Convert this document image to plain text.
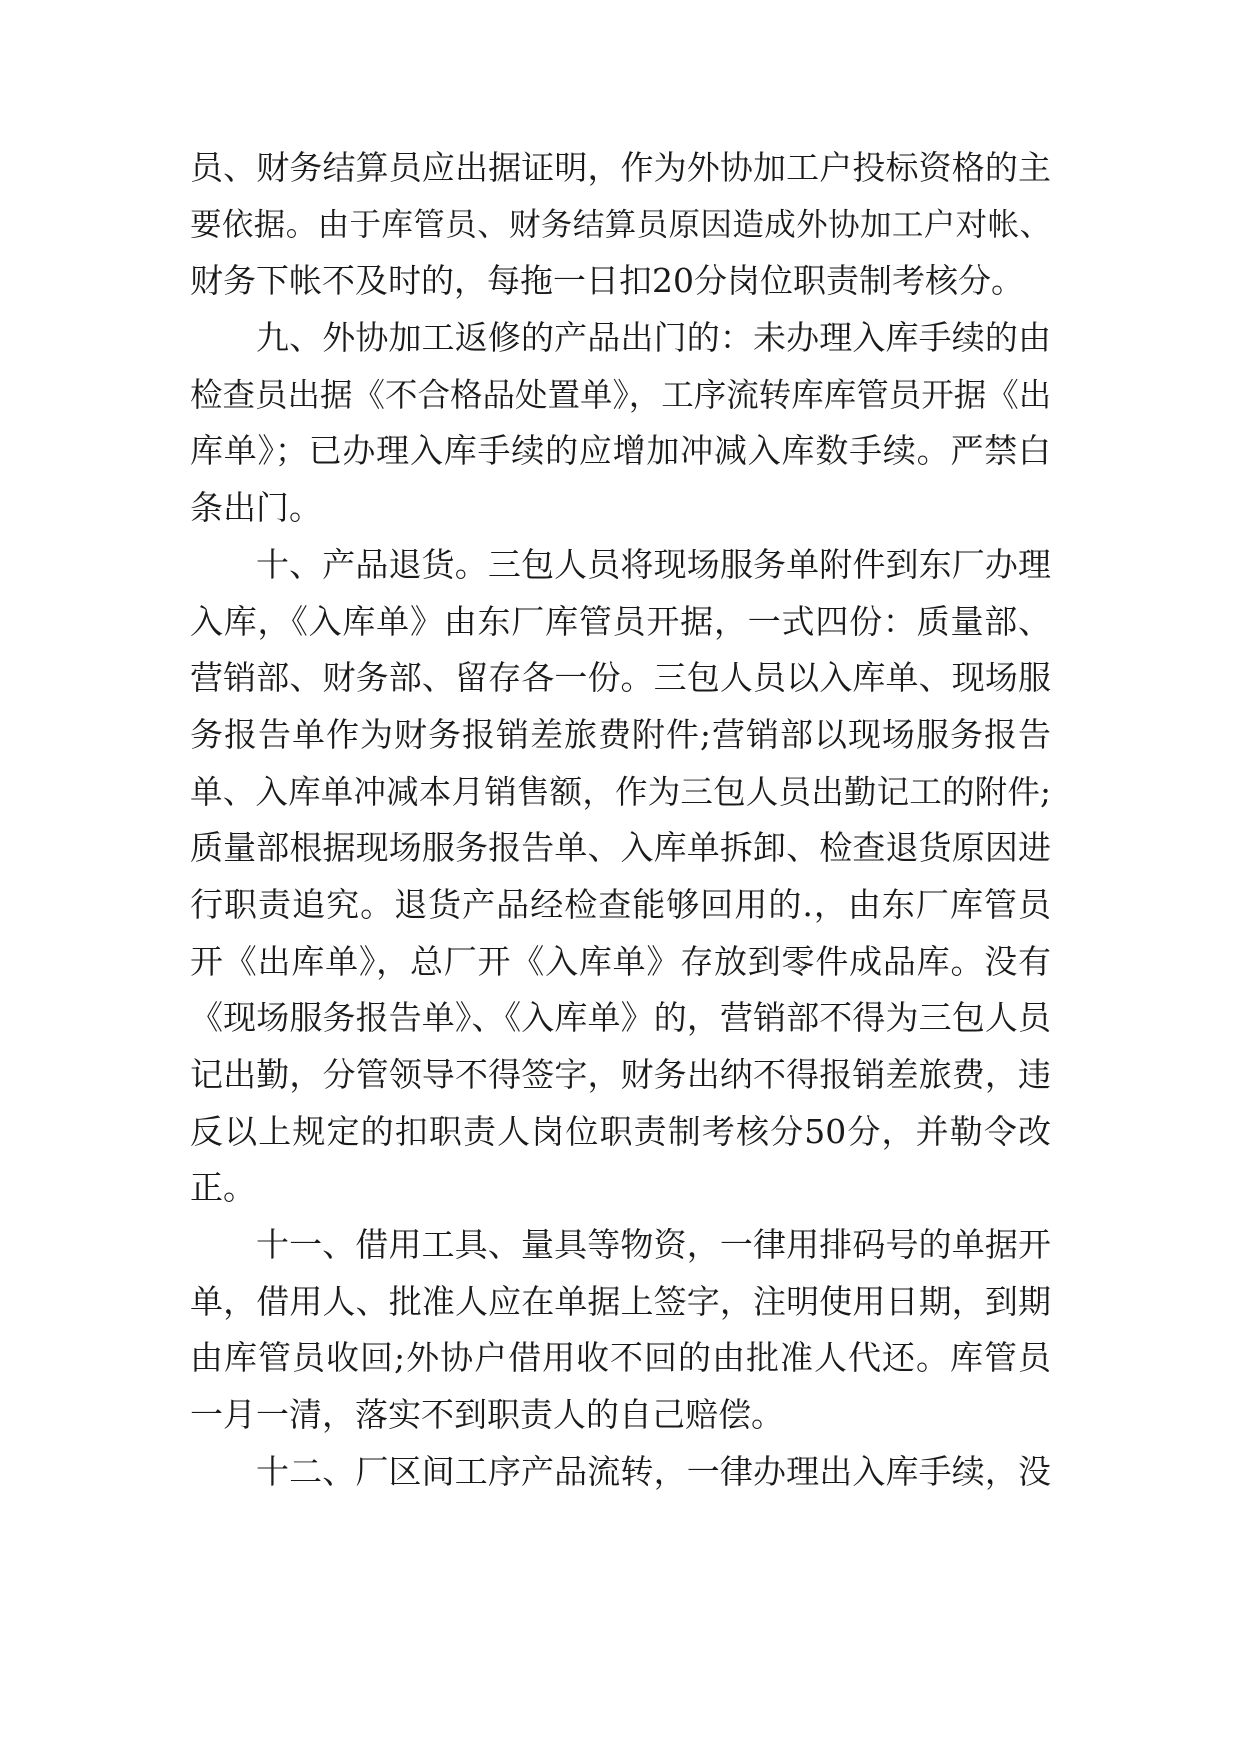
员、财务结算员应出据证明，作为外协加工户投标资格的主
要依据。由于库管员、财务结算员原因造成外协加工户对帐、
财务下帐不及时的，每拖一日扣20分岗位职责制考核分。
九、外协加工返修的产品出门的：未办理入库手续的由
检查员出据《不合格品处置单》，工序流转库库管员开据《出
库单》；已办理入库手续的应增加冲减入库数手续。严禁白
条出门。
十、产品退货。三包人员将现场服务单附件到东厂办理
入库，《入库单》由东厂库管员开据，一式四份：质量部、
营销部、财务部、留存各一份。三包人员以入库单、现场服
务报告单作为财务报销差旅费附件;营销部以现场服务报告
单、入库单冲减本月销售额，作为三包人员出勤记工的附件;
质量部根据现场服务报告单、入库单拆卸、检查退货原因进
行职责追究。退货产品经检查能够回用的.，由东厂库管员
开《出库单》，总厂开《入库单》存放到零件成品库。没有
《现场服务报告单》、《入库单》的，营销部不得为三包人员
记出勤，分管领导不得签字，财务出纳不得报销差旅费，违
反以上规定的扣职责人岗位职责制考核分50分，并勒令改
正。
十一、借用工具、量具等物资，一律用排码号的单据开
单，借用人、批准人应在单据上签字，注明使用日期，到期
由库管员收回;外协户借用收不回的由批准人代还。库管员
一月一清，落实不到职责人的自己赔偿。
十二、厂区间工序产品流转，一律办理出入库手续，没
